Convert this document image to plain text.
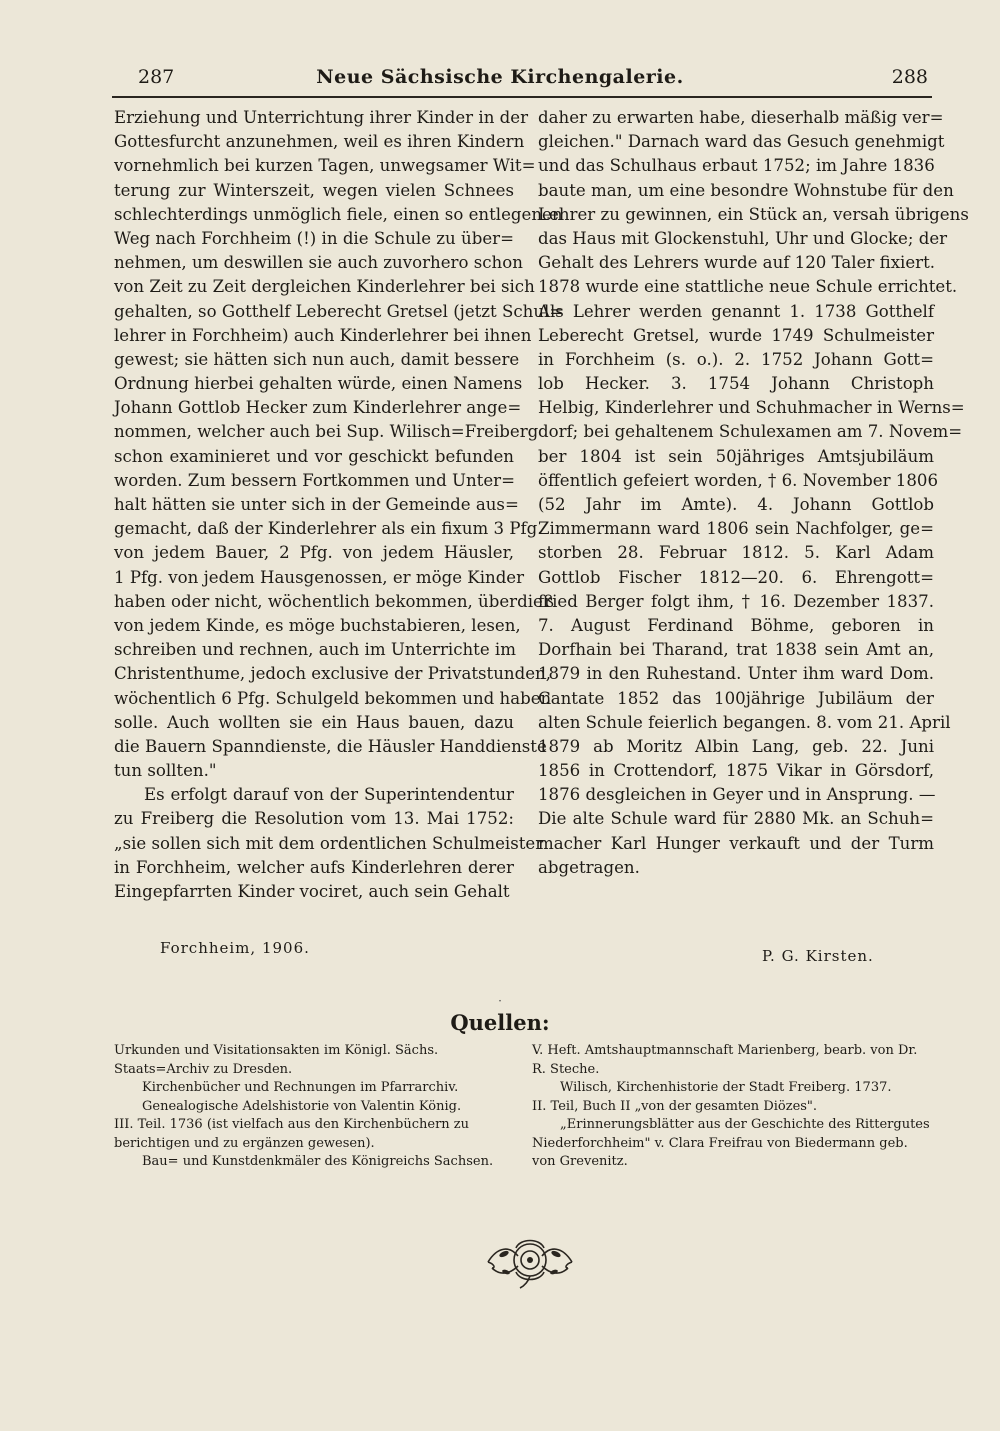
287	Neue Sächsische Kirchengalerie.	288
Erziehung und Unterrichtung ihrer Kinder in der
Gottesfurcht anzunehmen, weil es ihren Kindern
vornehmlich bei kurzen Tagen, unwegsamer Wit=
terung zur Winterszeit, wegen vielen Schnees
schlechterdings unmöglich fiele, einen so entlegenen
Weg nach Forchheim (!) in die Schule zu über=
nehmen, um deswillen sie auch zuvorhero schon
von Zeit zu Zeit dergleichen Kinderlehrer bei sich
gehalten, so Gotthelf Leberecht Gretsel (jetzt Schul=
lehrer in Forchheim) auch Kinderlehrer bei ihnen
gewest; sie hätten sich nun auch, damit bessere
Ordnung hierbei gehalten würde, einen Namens
Johann Gottlob Hecker zum Kinderlehrer ange=
nommen, welcher auch bei Sup. Wilisch=Freiberg
schon examinieret und vor geschickt befunden
worden. Zum bessern Fortkommen und Unter=
halt hätten sie unter sich in der Gemeinde aus=
gemacht, daß der Kinderlehrer als ein fixum 3 Pfg.
von jedem Bauer, 2 Pfg. von jedem Häusler,
1 Pfg. von jedem Hausgenossen, er möge Kinder
haben oder nicht, wöchentlich bekommen, überdieß
von jedem Kinde, es möge buchstabieren, lesen,
schreiben und rechnen, auch im Unterrichte im
Christenthume, jedoch exclusive der Privatstunden,
wöchentlich 6 Pfg. Schulgeld bekommen und haben
solle. Auch wollten sie ein Haus bauen, dazu
die Bauern Spanndienste, die Häusler Handdienste
tun sollten."
Es erfolgt darauf von der Superintendentur
zu Freiberg die Resolution vom 13. Mai 1752:
„sie sollen sich mit dem ordentlichen Schulmeister
in Forchheim, welcher aufs Kinderlehren derer
Eingepfarrten Kinder vociret, auch sein Gehalt
daher zu erwarten habe, dieserhalb mäßig ver=
gleichen." Darnach ward das Gesuch genehmigt
und das Schulhaus erbaut 1752; im Jahre 1836
baute man, um eine besondre Wohnstube für den
Lehrer zu gewinnen, ein Stück an, versah übrigens
das Haus mit Glockenstuhl, Uhr und Glocke; der
Gehalt des Lehrers wurde auf 120 Taler fixiert.
1878 wurde eine stattliche neue Schule errichtet.
Als Lehrer werden genannt 1. 1738 Gotthelf
Leberecht Gretsel, wurde 1749 Schulmeister
in Forchheim (s. o.). 2. 1752 Johann Gott=
lob Hecker. 3. 1754 Johann Christoph
Helbig, Kinderlehrer und Schuhmacher in Werns=
dorf; bei gehaltenem Schulexamen am 7. Novem=
ber 1804 ist sein 50jähriges Amtsjubiläum
öffentlich gefeiert worden, † 6. November 1806
(52 Jahr im Amte). 4. Johann Gottlob
Zimmermann ward 1806 sein Nachfolger, ge=
storben 28. Februar 1812. 5. Karl Adam
Gottlob Fischer 1812—20. 6. Ehrengott=
fried Berger folgt ihm, † 16. Dezember 1837.
7. August Ferdinand Böhme, geboren in
Dorfhain bei Tharand, trat 1838 sein Amt an,
1879 in den Ruhestand. Unter ihm ward Dom.
Cantate 1852 das 100jährige Jubiläum der
alten Schule feierlich begangen. 8. vom 21. April
1879 ab Moritz Albin Lang, geb. 22. Juni
1856 in Crottendorf, 1875 Vikar in Görsdorf,
1876 desgleichen in Geyer und in Ansprung. —
Die alte Schule ward für 2880 Mk. an Schuh=
macher Karl Hunger verkauft und der Turm
abgetragen.
Forchheim, 1906.	P. G. Kirsten.
·
Quellen:
Urkunden und Visitationsakten im Königl. Sächs.
Staats=Archiv zu Dresden.
Kirchenbücher und Rechnungen im Pfarrarchiv.
Genealogische Adelshistorie von Valentin König.
III. Teil. 1736 (ist vielfach aus den Kirchenbüchern zu
berichtigen und zu ergänzen gewesen).
Bau= und Kunstdenkmäler des Königreichs Sachsen.
V. Heft. Amtshauptmannschaft Marienberg, bearb. von Dr.
R. Steche.
Wilisch, Kirchenhistorie der Stadt Freiberg. 1737.
II. Teil, Buch II „von der gesamten Diözes".
„Erinnerungsblätter aus der Geschichte des Rittergutes
Niederforchheim" v. Clara Freifrau von Biedermann geb.
von Grevenitz.
